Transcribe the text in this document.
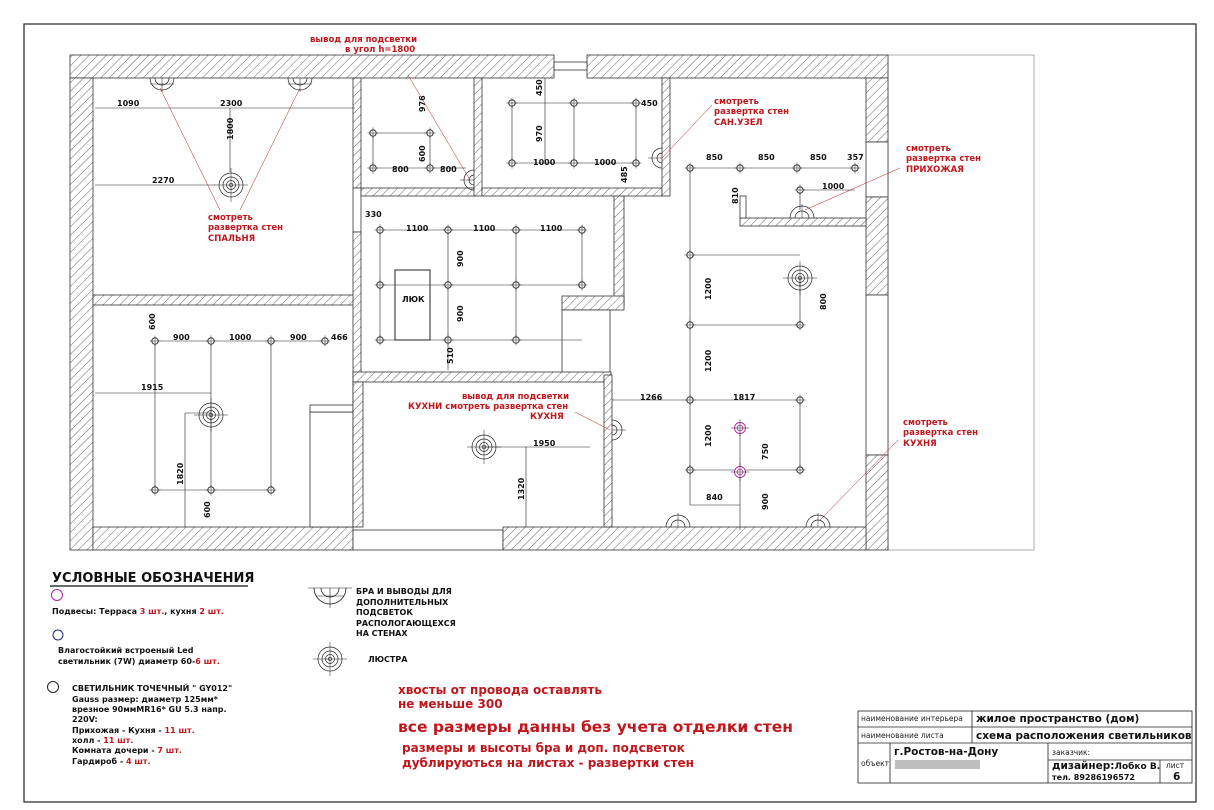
ЛЮК
1090	2300
1800
2270
смотреть
развертка стен
СПАЛЬНЯ
600
900	1000	900	466
1915
1820
600
976
600
800	800
вывод для подсветки
в угол h=1800
450
970
450
1000	1000
485
смотреть
развертка стен
САН.УЗЕЛ
330
1100	1100	1100
900
900
510
1950
1320
вывод для подсветки
КУХНИ смотреть развертка стен
КУХНЯ
850	850	850	357
1000
810
1200
800
1200
1266	1817
1200
750
840	900
смотреть
развертка стен
ПРИХОЖАЯ
смотреть
развертка стен
КУХНЯ
УСЛОВНЫЕ ОБОЗНАЧЕНИЯ
Подвесы: Терраса 3 шт., кухня 2 шт.
Влагостойкий встроеный Led
светильник (7W) диаметр 60-6 шт.
СВЕТИЛЬНИК ТОЧЕЧНЫЙ " GY012"
Gauss размер: диаметр 125мм*
врезное 90ммMR16* GU 5.3 напр.
220V:
Прихожая - Кухня - 11 шт.
холл - 11 шт.
Комната дочери - 7 шт.
Гардироб - 4 шт.
БРА И ВЫВОДЫ ДЛЯ
ДОПОЛНИТЕЛЬНЫХ
ПОДСВЕТОК
РАСПОЛОГАЮЩЕХСЯ
НА СТЕНАХ
ЛЮСТРА
хвосты от провода оставлять
не меньше 300
все размеры данны без учета отделки стен
размеры и высоты бра и доп. подсветок
дублируються на листах - развертки стен
наименование интерьера жилое пространство (дом)
наименование листа	схема расположения светильников
г.Ростов-на-Дону
объект
заказчик:
дизайнер:Лобко В.
тел. 89286196572
лист
6
